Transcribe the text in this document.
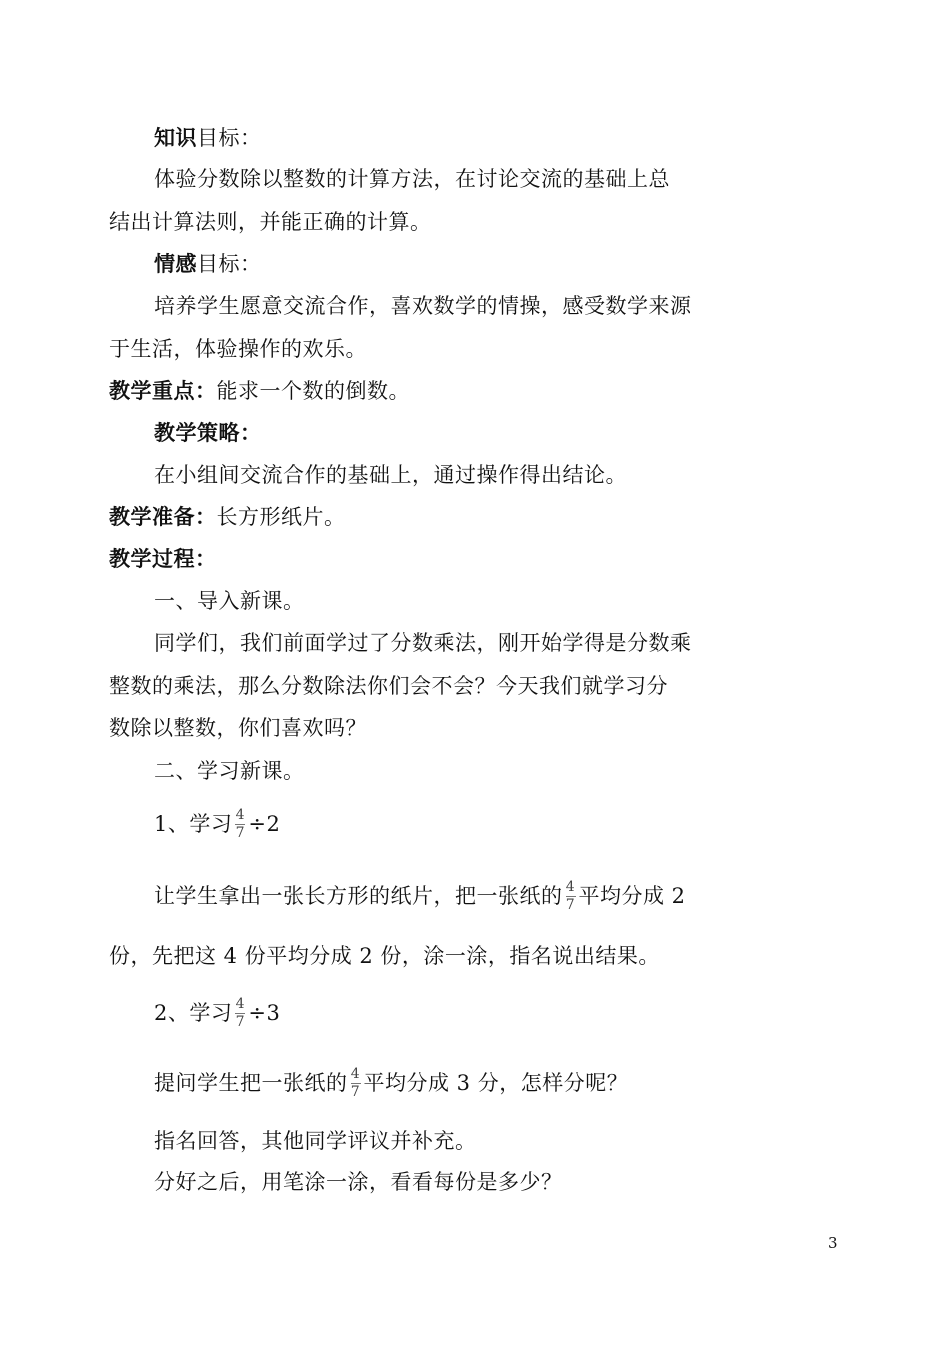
知识 目标：
体验分数除以整数的计算方法，在讨论交流的基础上总
结出计算法则，并能正确的计算。
情感 目标：
培养学生愿意交流合作，喜欢数学的情操，感受数学来源
于生活，体验操作的欢乐。
教学重点： 能求一个数的倒数。
教学策略：
在小组间交流合作的基础上，通过操作得出结论。
教学准备： 长方形纸片。
教学过程：
一、导入新课。
同学们，我们前面学过了分数乘法，刚开始学得是分数乘
整数的乘法，那么分数除法你们会不会？今天我们就学习分
数除以整数，你们喜欢吗？
二、学习新课。
1、学习 $\frac{4}{7} \div 2$
让学生拿出一张长方形的纸片，把一张纸的 $\frac{4}{7}$ 平均分成 2
份，先把这 4 份平均分成 2 份，涂一涂，指名说出结果。
2、学习 $\frac{4}{7} \div 3$
提问学生把一张纸的 $\frac{4}{7}$ 平均分成 3 分，怎样分呢？
指名回答，其他同学评议并补充。
分好之后，用笔涂一涂，看看每份是多少？
3
